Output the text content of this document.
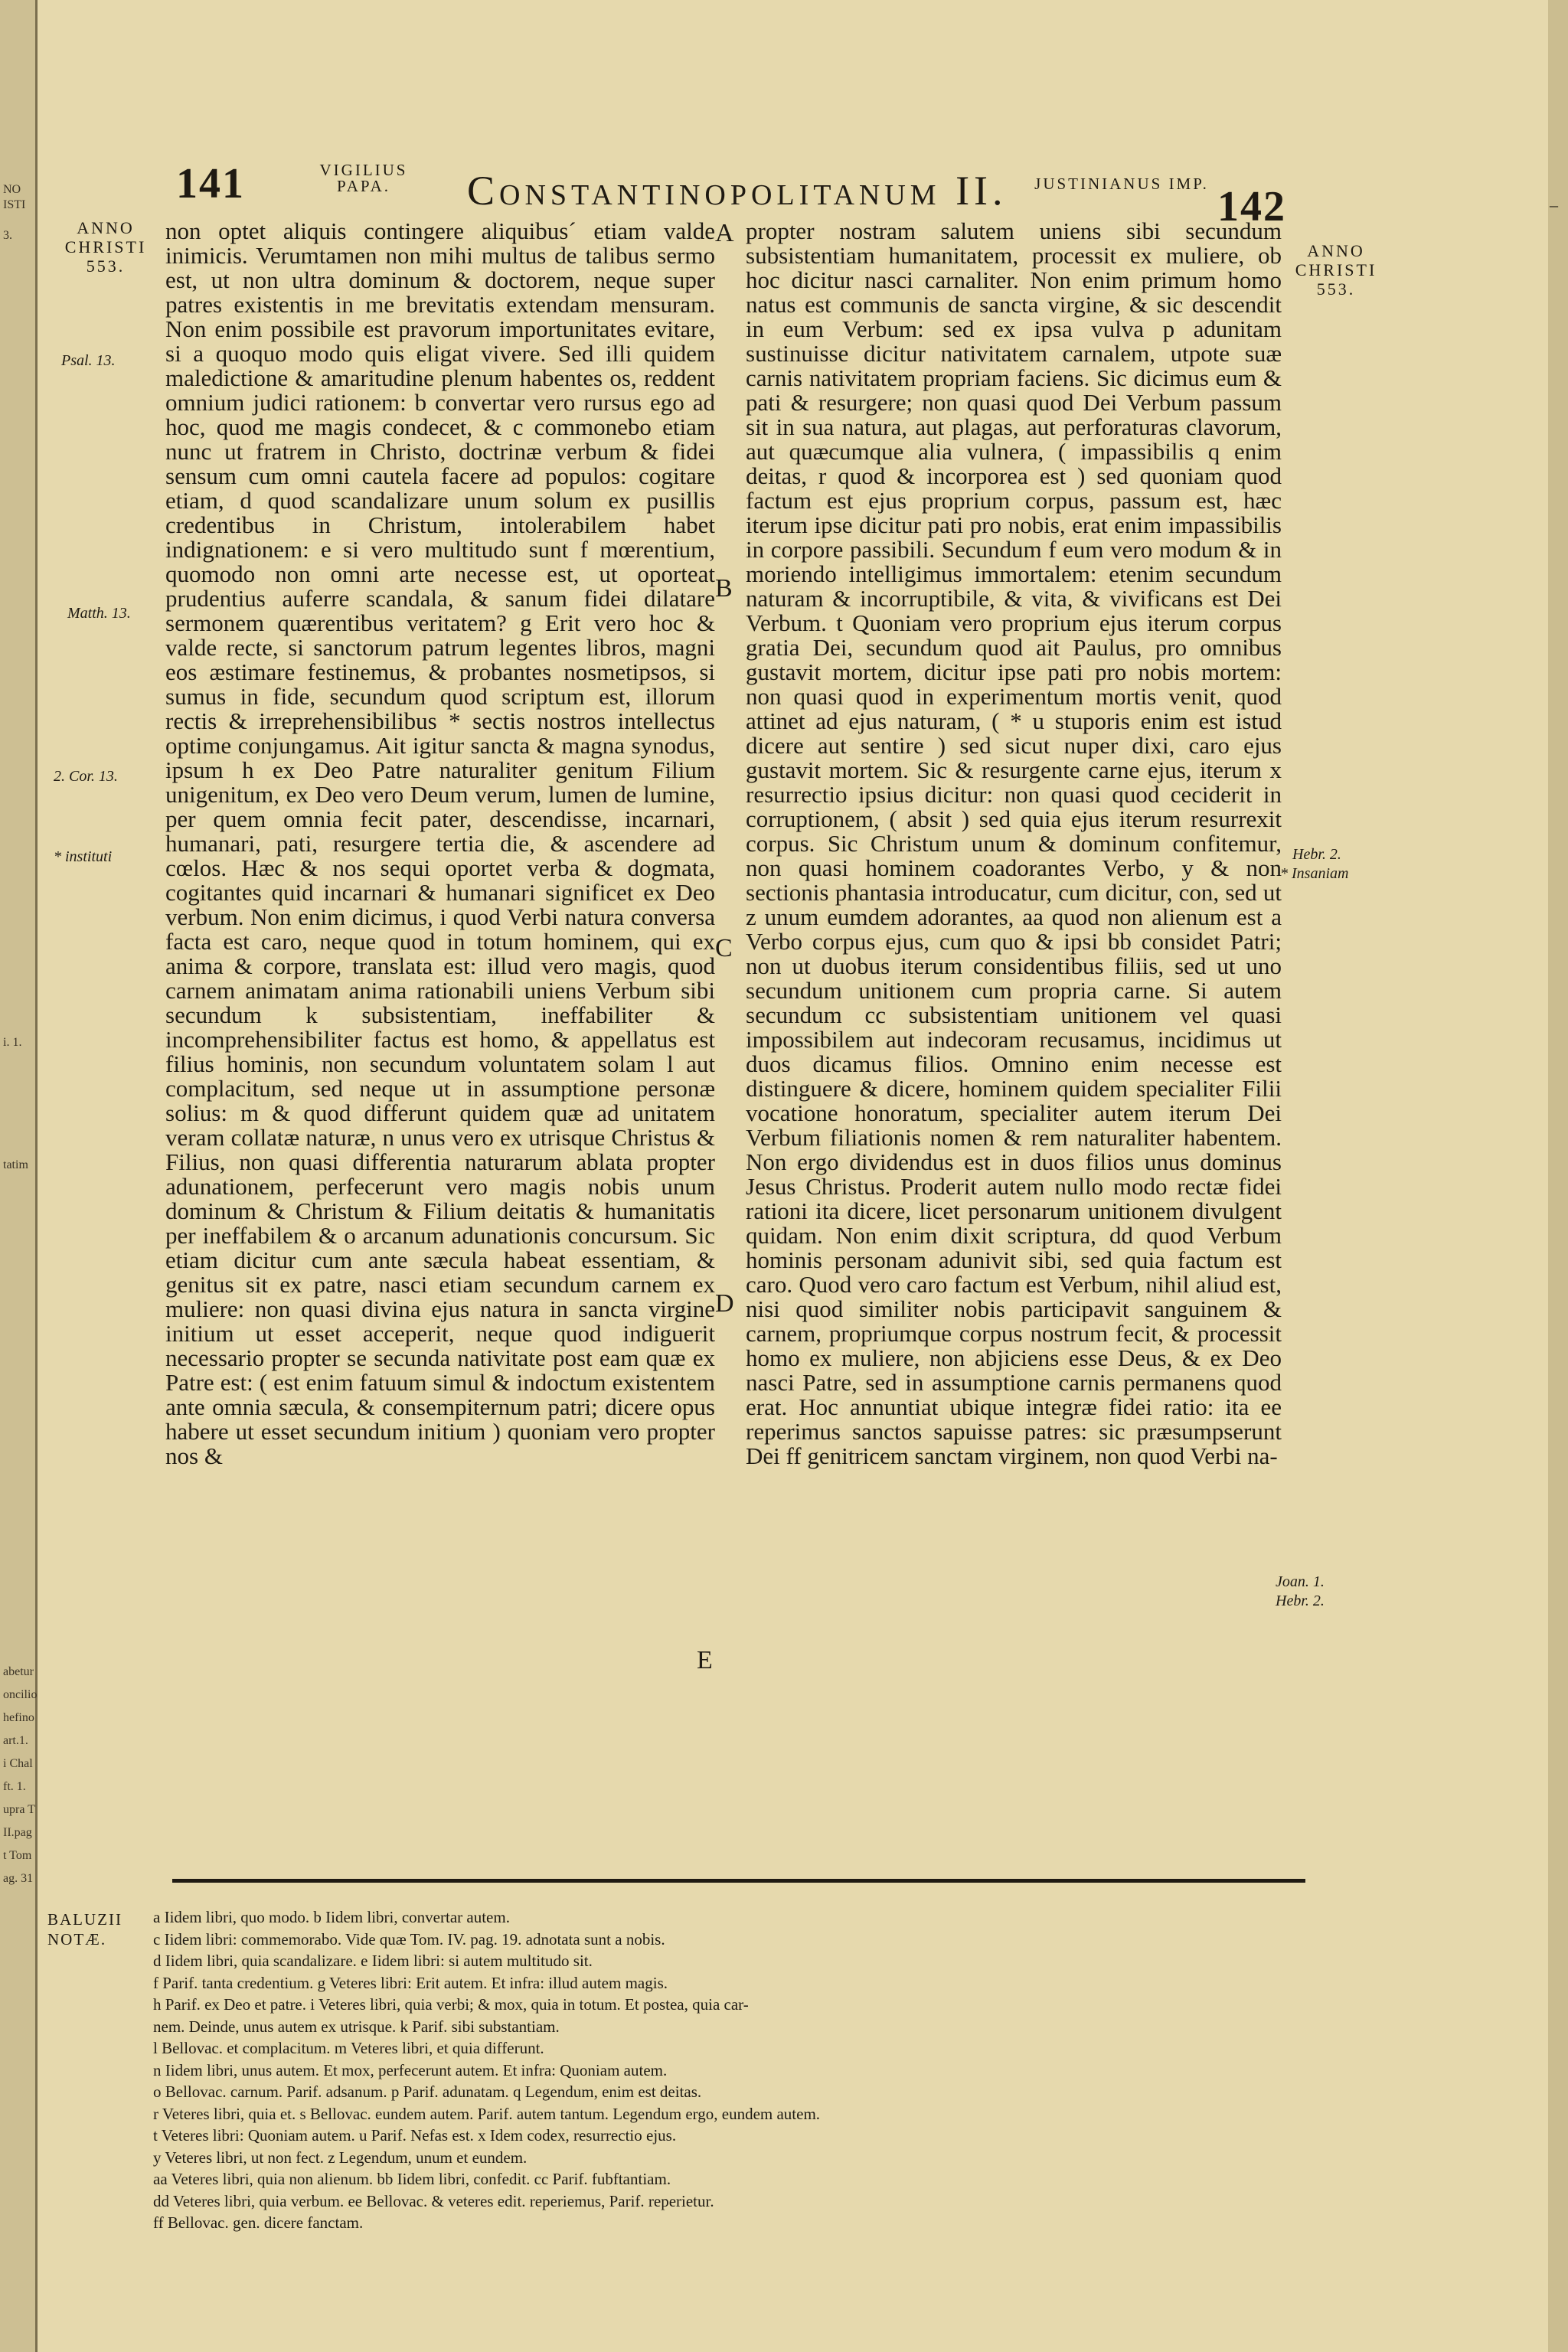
NO
ISTI
3.
i. 1.
tatim
abetur
oncilio
hefino
art.1.
i Chal
ft. 1.
upra T
II.pag
t Tom
ag. 31
–
141	VIGILIUS PAPA.	Constantinopolitanum II.	JUSTINIANUS IMP. 142
ANNO CHRISTI 553.
ANNO CHRISTI 553.
Psal. 13.
Matth. 13.
2. Cor. 13.
* instituti	Hebr. 2.
* Insaniam
Joan. 1.
Hebr. 2.
A
B
C
D
E

non optet aliquis contingere aliquibus´ etiam valde inimicis. Verumtamen non mihi multus de talibus sermo est, ut non ultra dominum & doctorem, neque super patres existentis in me brevitatis extendam mensuram. Non enim possibile est pravorum importunitates evitare, si a quoquo modo quis eligat vivere. Sed illi quidem maledictione & amaritudine plenum habentes os, reddent omnium judici rationem: b convertar vero rursus ego ad hoc, quod me magis condecet, & c commonebo etiam nunc ut fratrem in Christo, doctrinæ verbum & fidei sensum cum omni cautela facere ad populos: cogitare etiam, d quod scandalizare unum solum ex pusillis credentibus in Christum, intolerabilem habet indignationem: e si vero multitudo sunt f mœrentium, quomodo non omni arte necesse est, ut oporteat prudentius auferre scandala, & sanum fidei dilatare sermonem quærentibus veritatem? g Erit vero hoc & valde recte, si sanctorum patrum legentes libros, magni eos æstimare festinemus, & probantes nosmetipsos, si sumus in fide, secundum quod scriptum est, illorum rectis & irreprehensibilibus * sectis nostros intellectus optime conjungamus. Ait igitur sancta & magna synodus, ipsum h ex Deo Patre naturaliter genitum Filium unigenitum, ex Deo vero Deum verum, lumen de lumine, per quem omnia fecit pater, descendisse, incarnari, humanari, pati, resurgere tertia die, & ascendere ad cœlos. Hæc & nos sequi oportet verba & dogmata, cogitantes quid incarnari & humanari significet ex Deo verbum. Non enim dicimus, i quod Verbi natura conversa facta est caro, neque quod in totum hominem, qui ex anima & corpore, translata est: illud vero magis, quod carnem animatam anima rationabili uniens Verbum sibi secundum k subsistentiam, ineffabiliter & incomprehensibiliter factus est homo, & appellatus est filius hominis, non secundum voluntatem solam l aut complacitum, sed neque ut in assumptione personæ solius: m & quod differunt quidem quæ ad unitatem veram collatæ naturæ, n unus vero ex utrisque Christus & Filius, non quasi differentia naturarum ablata propter adunationem, perfecerunt vero magis nobis unum dominum & Christum & Filium deitatis & humanitatis per ineffabilem & o arcanum adunationis concursum. Sic etiam dicitur cum ante sæcula habeat essentiam, & genitus sit ex patre, nasci etiam secundum carnem ex muliere: non quasi divina ejus natura in sancta virgine initium ut esset acceperit, neque quod indiguerit necessario propter se secunda nativitate post eam quæ ex Patre est: ( est enim fatuum simul & indoctum existentem ante omnia sæcula, & consempiternum patri; dicere opus habere ut esset secundum initium ) quoniam vero propter nos &

propter nostram salutem uniens sibi secundum subsistentiam humanitatem, processit ex muliere, ob hoc dicitur nasci carnaliter. Non enim primum homo natus est communis de sancta virgine, & sic descendit in eum Verbum: sed ex ipsa vulva p adunitam sustinuisse dicitur nativitatem carnalem, utpote suæ carnis nativitatem propriam faciens. Sic dicimus eum & pati & resurgere; non quasi quod Dei Verbum passum sit in sua natura, aut plagas, aut perforaturas clavorum, aut quæcumque alia vulnera, ( impassibilis q enim deitas, r quod & incorporea est ) sed quoniam quod factum est ejus proprium corpus, passum est, hæc iterum ipse dicitur pati pro nobis, erat enim impassibilis in corpore passibili. Secundum f eum vero modum & in moriendo intelligimus immortalem: etenim secundum naturam & incorruptibile, & vita, & vivificans est Dei Verbum. t Quoniam vero proprium ejus iterum corpus gratia Dei, secundum quod ait Paulus, pro omnibus gustavit mortem, dicitur ipse pati pro nobis mortem: non quasi quod in experimentum mortis venit, quod attinet ad ejus naturam, ( * u stuporis enim est istud dicere aut sentire ) sed sicut nuper dixi, caro ejus gustavit mortem. Sic & resurgente carne ejus, iterum x resurrectio ipsius dicitur: non quasi quod ceciderit in corruptionem, ( absit ) sed quia ejus iterum resurrexit corpus. Sic Christum unum & dominum confitemur, non quasi hominem coadorantes Verbo, y & non sectionis phantasia introducatur, cum dicitur, con, sed ut z unum eumdem adorantes, aa quod non alienum est a Verbo corpus ejus, cum quo & ipsi bb considet Patri; non ut duobus iterum considentibus filiis, sed ut uno secundum unitionem cum propria carne. Si autem secundum cc subsistentiam unitionem vel quasi impossibilem aut indecoram recusamus, incidimus ut duos dicamus filios. Omnino enim necesse est distinguere & dicere, hominem quidem specialiter Filii vocatione honoratum, specialiter autem iterum Dei Verbum filiationis nomen & rem naturaliter habentem. Non ergo dividendus est in duos filios unus dominus Jesus Christus. Proderit autem nullo modo rectæ fidei rationi ita dicere, licet personarum unitionem divulgent quidam. Non enim dixit scriptura, dd quod Verbum hominis personam adunivit sibi, sed quia factum est caro. Quod vero caro factum est Verbum, nihil aliud est, nisi quod similiter nobis participavit sanguinem & carnem, propriumque corpus nostrum fecit, & processit homo ex muliere, non abjiciens esse Deus, & ex Deo nasci Patre, sed in assumptione carnis permanens quod erat. Hoc annuntiat ubique integræ fidei ratio: ita ee reperimus sanctos sapuisse patres: sic præsumpserunt Dei ff genitricem sanctam virginem, non quod Verbi na-

BALUZII NOTÆ.

a Iidem libri, quo modo. b Iidem libri, convertar autem.

c Iidem libri: commemorabo. Vide quæ Tom. IV. pag. 19. adnotata sunt a nobis.

d Iidem libri, quia scandalizare. e Iidem libri: si autem multitudo sit.

f Parif. tanta credentium. g Veteres libri: Erit autem. Et infra: illud autem magis.

h Parif. ex Deo et patre. i Veteres libri, quia verbi; & mox, quia in totum. Et postea, quia car-

nem. Deinde, unus autem ex utrisque. k Parif. sibi substantiam.

l Bellovac. et complacitum. m Veteres libri, et quia differunt.

n Iidem libri, unus autem. Et mox, perfecerunt autem. Et infra: Quoniam autem.

o Bellovac. carnum. Parif. adsanum. p Parif. adunatam. q Legendum, enim est deitas.

r Veteres libri, quia et. s Bellovac. eundem autem. Parif. autem tantum. Legendum ergo, eundem autem.

t Veteres libri: Quoniam autem. u Parif. Nefas est. x Idem codex, resurrectio ejus.

y Veteres libri, ut non fect. z Legendum, unum et eundem.

aa Veteres libri, quia non alienum. bb Iidem libri, confedit. cc Parif. fubftantiam.

dd Veteres libri, quia verbum. ee Bellovac. & veteres edit. reperiemus, Parif. reperietur.

ff Bellovac. gen. dicere fanctam.
